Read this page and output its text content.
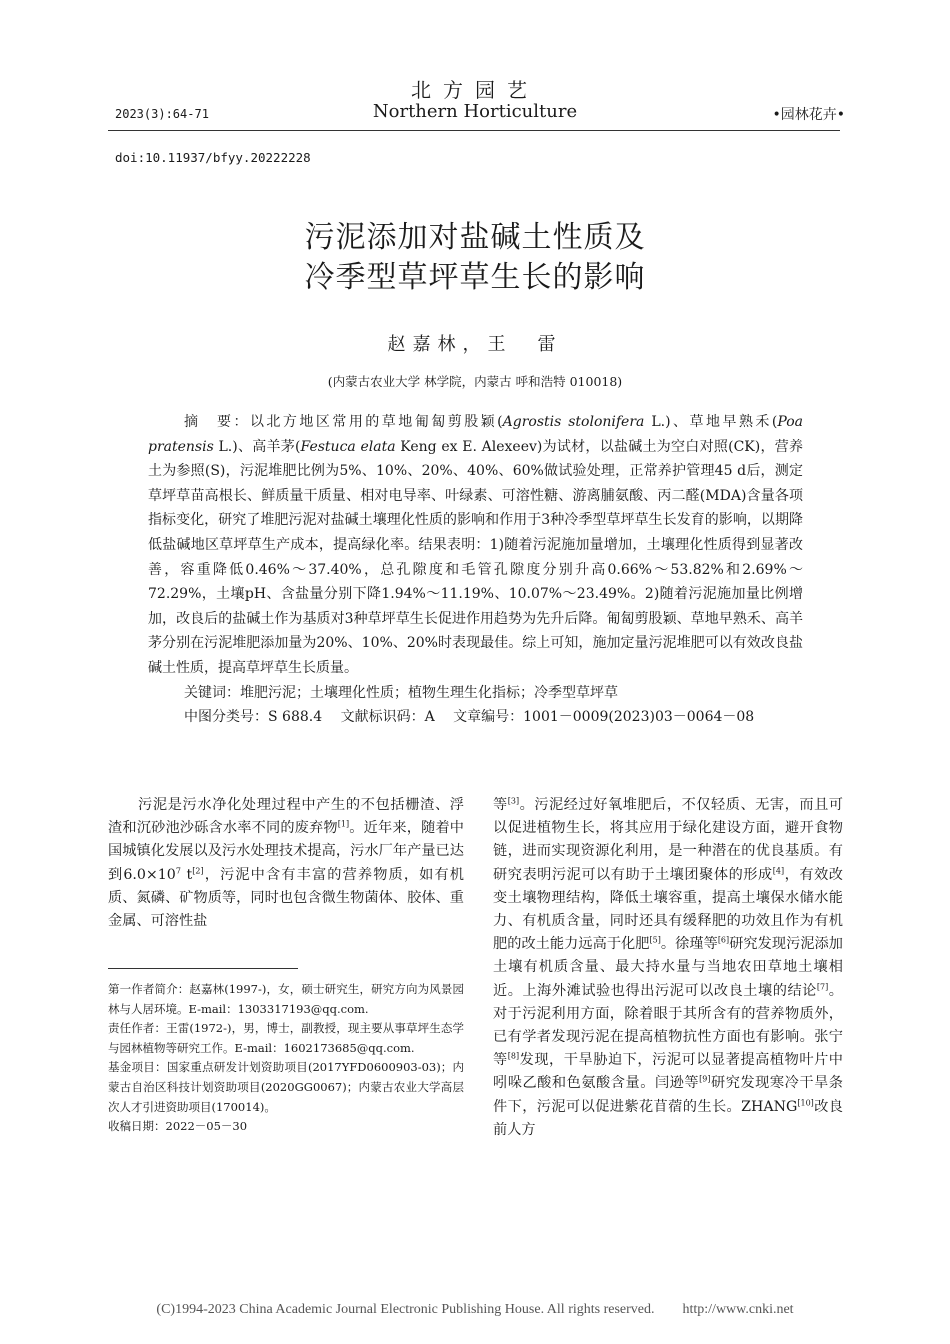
北方园艺
Northern Horticulture
2023(3):64-71	•园林花卉•
doi:10.11937/bfyy.20222228
污泥添加对盐碱土性质及
冷季型草坪草生长的影响
赵嘉林，王　雷
(内蒙古农业大学 林学院，内蒙古 呼和浩特 010018)

摘　要：以北方地区常用的草地匍匐剪股颖(Agrostis stolonifera L.)、草地早熟禾(Poa pratensis L.)、高羊茅(Festuca elata Keng ex E. Alexeev)为试材，以盐碱土为空白对照(CK)，营养土为参照(S)，污泥堆肥比例为5%、10%、20%、40%、60%做试验处理，正常养护管理45 d后，测定草坪草苗高根长、鲜质量干质量、相对电导率、叶绿素、可溶性糖、游离脯氨酸、丙二醛(MDA)含量各项指标变化，研究了堆肥污泥对盐碱土壤理化性质的影响和作用于3种冷季型草坪草生长发育的影响，以期降低盐碱地区草坪草生产成本，提高绿化率。结果表明：1)随着污泥施加量增加，土壤理化性质得到显著改善，容重降低0.46%～37.40%，总孔隙度和毛管孔隙度分别升高0.66%～53.82%和2.69%～72.29%，土壤pH、含盐量分别下降1.94%～11.19%、10.07%～23.49%。2)随着污泥施加量比例增加，改良后的盐碱土作为基质对3种草坪草生长促进作用趋势为先升后降。匍匐剪股颖、草地早熟禾、高羊茅分别在污泥堆肥添加量为20%、10%、20%时表现最佳。综上可知，施加定量污泥堆肥可以有效改良盐碱土性质，提高草坪草生长质量。

关键词：堆肥污泥；土壤理化性质；植物生理生化指标；冷季型草坪草

中图分类号：S 688.4　 文献标识码：A　 文章编号：1001－0009(2023)03－0064－08

污泥是污水净化处理过程中产生的不包括栅渣、浮渣和沉砂池沙砾含水率不同的废弃物[1]。近年来，随着中国城镇化发展以及污水处理技术提高，污水厂年产量已达到$6.0\times 10^7$ t[2]，污泥中含有丰富的营养物质，如有机质、氮磷、矿物质等，同时也包含微生物菌体、胶体、重金属、可溶性盐

第一作者简介：赵嘉林(1997-)，女，硕士研究生，研究方向为风景园林与人居环境。E-mail：1303317193@qq.com.
责任作者：王雷(1972-)，男，博士，副教授，现主要从事草坪生态学与园林植物等研究工作。E-mail：1602173685@qq.com.
基金项目：国家重点研发计划资助项目(2017YFD0600903-03)；内蒙古自治区科技计划资助项目(2020GG0067)；内蒙古农业大学高层次人才引进资助项目(170014)。
收稿日期：2022－05－30

等[3]。污泥经过好氧堆肥后，不仅轻质、无害，而且可以促进植物生长，将其应用于绿化建设方面，避开食物链，进而实现资源化利用，是一种潜在的优良基质。有研究表明污泥可以有助于土壤团聚体的形成[4]，有效改变土壤物理结构，降低土壤容重，提高土壤保水储水能力、有机质含量，同时还具有缓释肥的功效且作为有机肥的改土能力远高于化肥[5]。徐瑾等[6]研究发现污泥添加土壤有机质含量、最大持水量与当地农田草地土壤相近。上海外滩试验也得出污泥可以改良土壤的结论[7]。对于污泥利用方面，除着眼于其所含有的营养物质外，已有学者发现污泥在提高植物抗性方面也有影响。张宁等[8]发现，干旱胁迫下，污泥可以显著提高植物叶片中吲哚乙酸和色氨酸含量。闫逊等[9]研究发现寒冷干旱条件下，污泥可以促进紫花苜蓿的生长。ZHANG[10]改良前人方

(C)1994-2023 China Academic Journal Electronic Publishing House. All rights reserved.　　http://www.cnki.net
